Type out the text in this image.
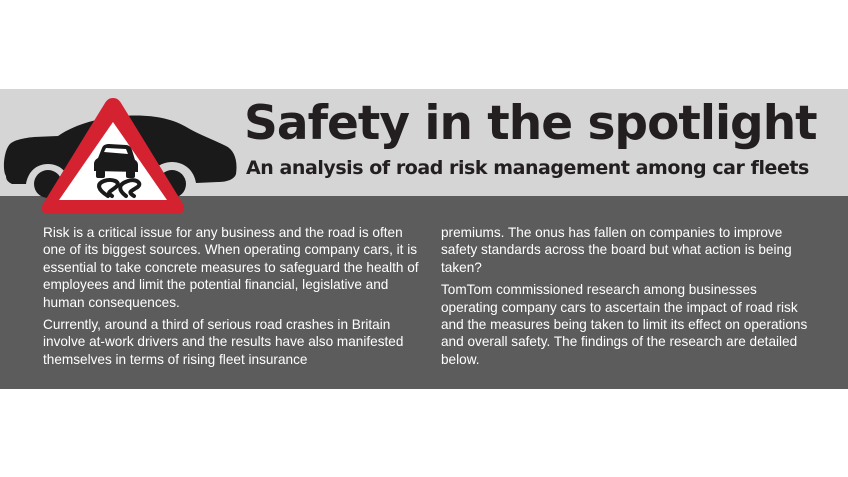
Safety in the spotlight
An analysis of road risk management among car fleets

Risk is a critical issue for any business and the road is often one of its biggest sources. When operating company cars, it is essential to take concrete measures to safeguard the health of employees and limit the potential financial, legislative and human consequences.

Currently, around a third of serious road crashes in Britain involve at-work drivers and the results have also manifested themselves in terms of rising fleet insurance

premiums. The onus has fallen on companies to improve safety standards across the board but what action is being taken?

TomTom commissioned research among businesses operating company cars to ascertain the impact of road risk and the measures being taken to limit its effect on operations and overall safety. The findings of the research are detailed below.
